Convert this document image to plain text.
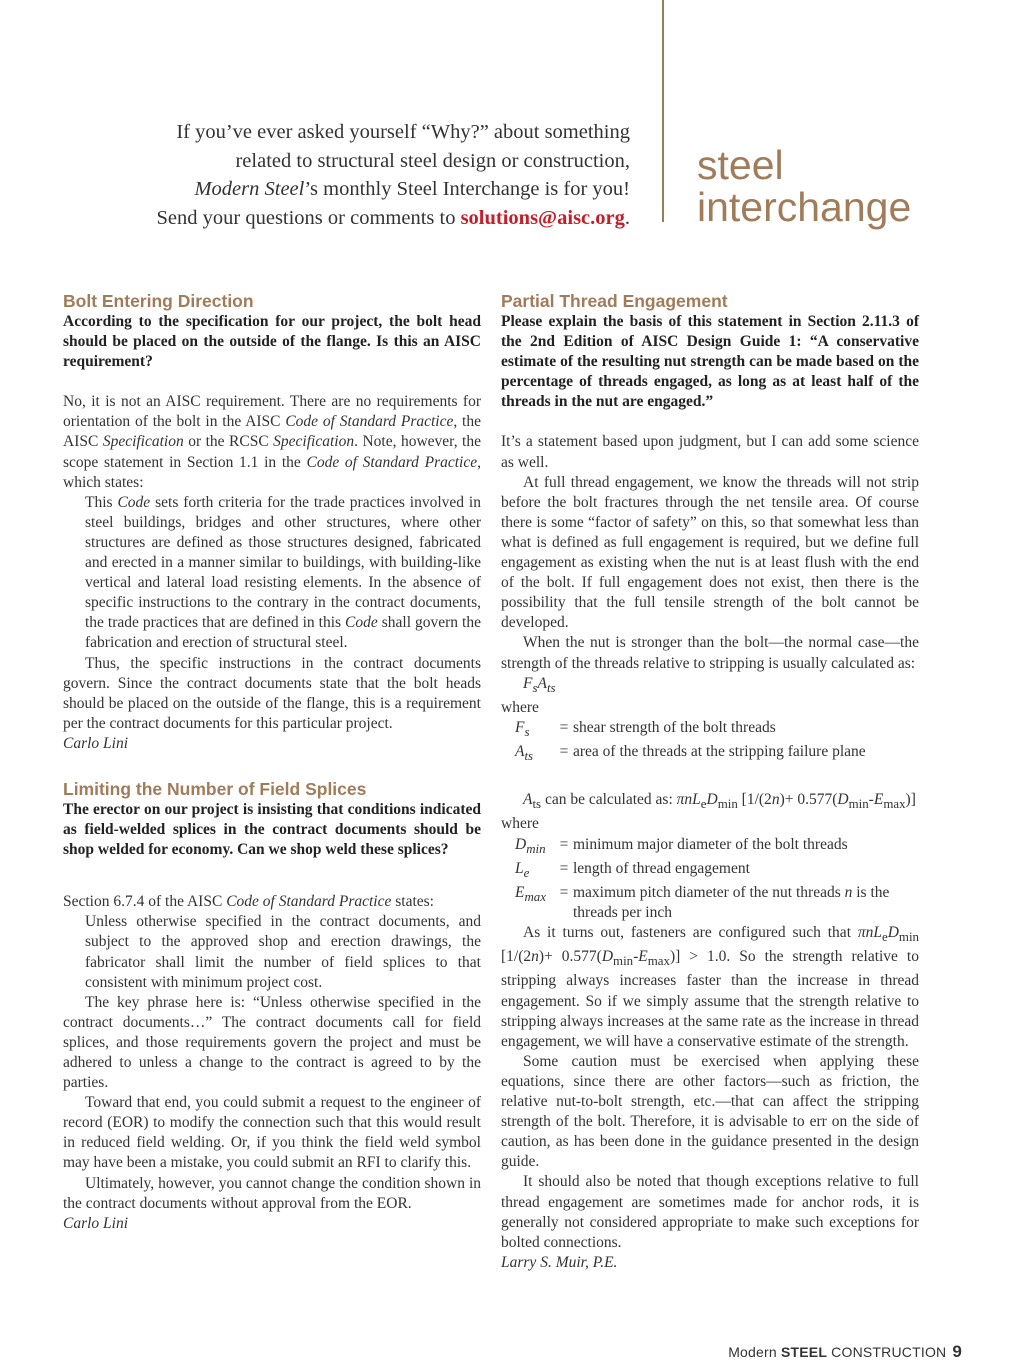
If you’ve ever asked yourself “Why?” about something
related to structural steel design or construction,
Modern Steel’s monthly Steel Interchange is for you!
Send your questions or comments to solutions@aisc.org.
steel
interchange
Bolt Entering Direction

According to the specification for our project, the bolt head should be placed on the outside of the flange. Is this an AISC requirement?

No, it is not an AISC requirement. There are no requirements for orientation of the bolt in the AISC Code of Standard Practice, the AISC Specification or the RCSC Specification. Note, however, the scope statement in Section 1.1 in the Code of Standard Practice, which states:

This Code sets forth criteria for the trade practices involved in steel buildings, bridges and other structures, where other structures are defined as those structures designed, fabricated and erected in a manner similar to buildings, with building-like vertical and lateral load resisting elements. In the absence of specific instructions to the contrary in the contract documents, the trade practices that are defined in this Code shall govern the fabrication and erection of structural steel.

Thus, the specific instructions in the contract documents govern. Since the contract documents state that the bolt heads should be placed on the outside of the flange, this is a requirement per the contract documents for this particular project.

Carlo Lini

Limiting the Number of Field Splices

The erector on our project is insisting that conditions indicated as field-welded splices in the contract documents should be shop welded for economy. Can we shop weld these splices?

Section 6.7.4 of the AISC Code of Standard Practice states:

Unless otherwise specified in the contract documents, and subject to the approved shop and erection drawings, the fabricator shall limit the number of field splices to that consistent with minimum project cost.

The key phrase here is: “Unless otherwise specified in the contract documents…” The contract documents call for field splices, and those requirements govern the project and must be adhered to unless a change to the contract is agreed to by the parties.

Toward that end, you could submit a request to the engineer of record (EOR) to modify the connection such that this would result in reduced field welding. Or, if you think the field weld symbol may have been a mistake, you could submit an RFI to clarify this.

Ultimately, however, you cannot change the condition shown in the contract documents without approval from the EOR.

Carlo Lini

Partial Thread Engagement

Please explain the basis of this statement in Section 2.11.3 of the 2nd Edition of AISC Design Guide 1: “A conservative estimate of the resulting nut strength can be made based on the percentage of threads engaged, as long as at least half of the threads in the nut are engaged.”

It’s a statement based upon judgment, but I can add some science as well.

At full thread engagement, we know the threads will not strip before the bolt fractures through the net tensile area. Of course there is some “factor of safety” on this, so that somewhat less than what is defined as full engagement is required, but we define full engagement as existing when the nut is at least flush with the end of the bolt. If full engagement does not exist, then there is the possibility that the full tensile strength of the bolt cannot be developed.

When the nut is stronger than the bolt—the normal case—the strength of the threads relative to stripping is usually calculated as:

$F_sA_{ts}$

where

$F_s$	=	shear strength of the bolt threads
$A_{ts}$	=	area of the threads at the stripping failure plane

$A_{ts}$ can be calculated as: $\pi nL_eD_{min}$ $[1/(2n)+ 0.577(D_{min}-E_{max})]$

where

$D_{min}$	=	minimum major diameter of the bolt threads
$L_e$	=	length of thread engagement
$E_{max}$	=	maximum pitch diameter of the nut threads n is the threads per inch

As it turns out, fasteners are configured such that $\pi nL_eD_{min}$ $[1/(2n)+ 0.577(D_{min}-E_{max})] > 1.0$. So the strength relative to stripping always increases faster than the increase in thread engagement. So if we simply assume that the strength relative to stripping always increases at the same rate as the increase in thread engagement, we will have a conservative estimate of the strength.

Some caution must be exercised when applying these equations, since there are other factors—such as friction, the relative nut-to-bolt strength, etc.—that can affect the stripping strength of the bolt. Therefore, it is advisable to err on the side of caution, as has been done in the guidance presented in the design guide.

It should also be noted that though exceptions relative to full thread engagement are sometimes made for anchor rods, it is generally not considered appropriate to make such exceptions for bolted connections.

Larry S. Muir, P.E.

Modern STEEL CONSTRUCTION 9
